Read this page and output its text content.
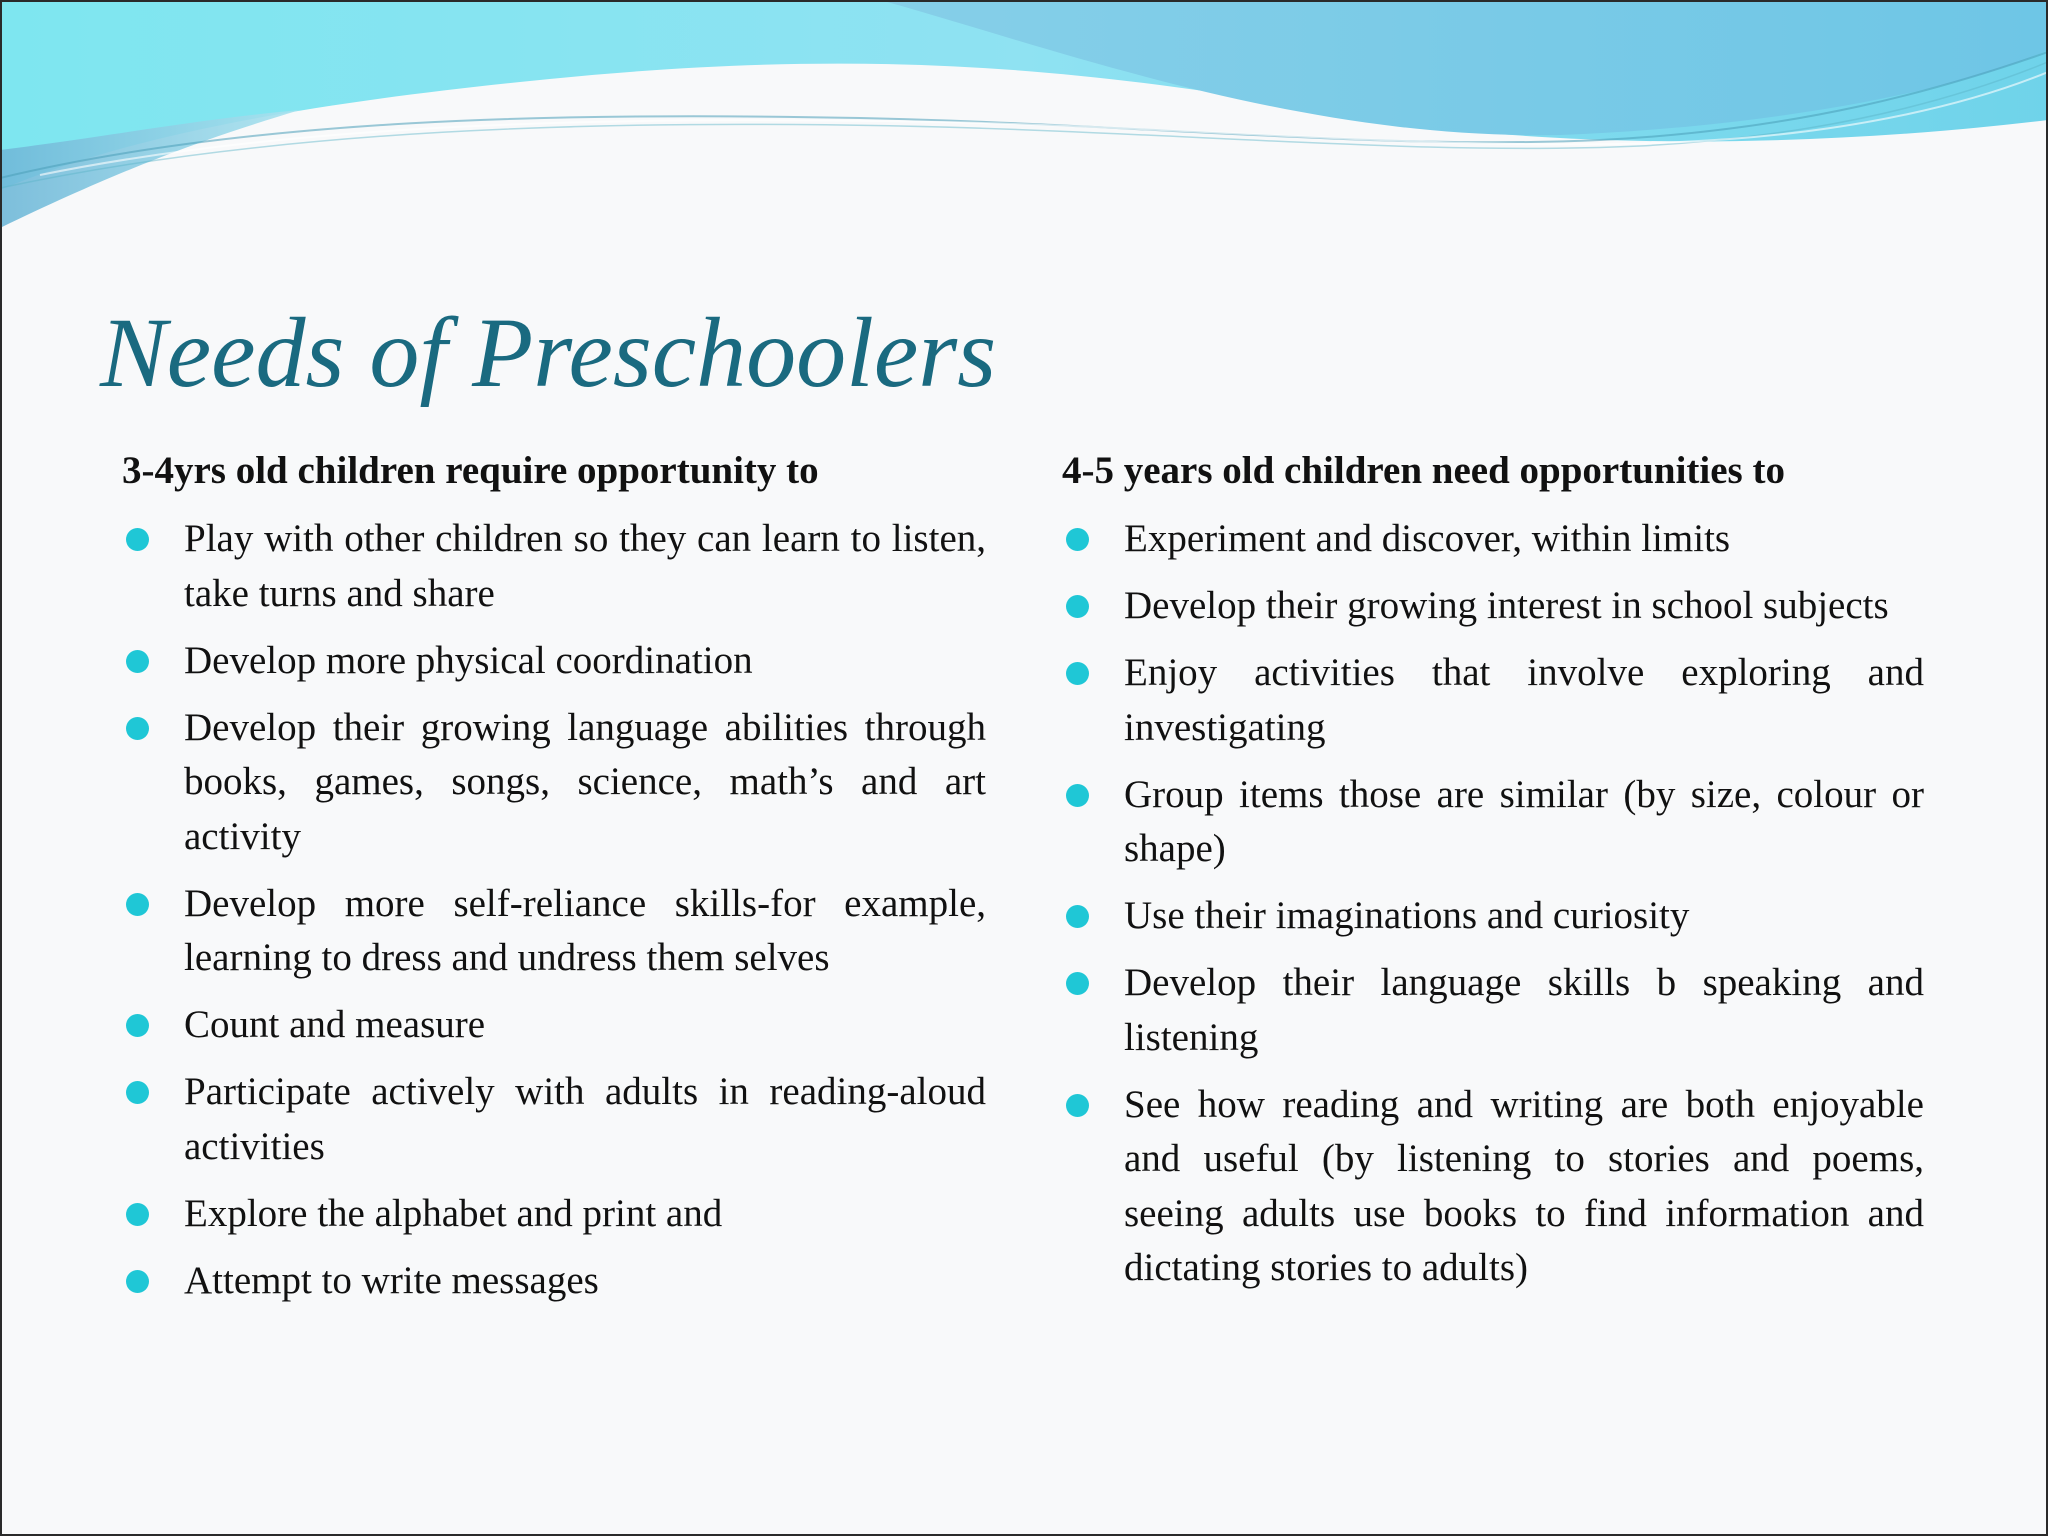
Needs of Preschoolers
3-4yrs old children require opportunity to
Play with other children so they can learn to listen, take turns and share
Develop more physical coordination
Develop their growing language abilities through books, games, songs, science, math’s and art activity
Develop more self-reliance skills-for example, learning to dress and undress them selves
Count and measure
Participate actively with adults in reading-aloud activities
Explore the alphabet and print and
Attempt to write messages
4-5 years old children need opportunities to
Experiment and discover, within limits
Develop their growing interest in school subjects
Enjoy activities that involve exploring and investigating
Group items those are similar (by size, colour or shape)
Use their imaginations and curiosity
Develop their language skills b speaking and listening
See how reading and writing are both enjoyable and useful (by listening to stories and poems, seeing adults use books to find information and dictating stories to adults)
